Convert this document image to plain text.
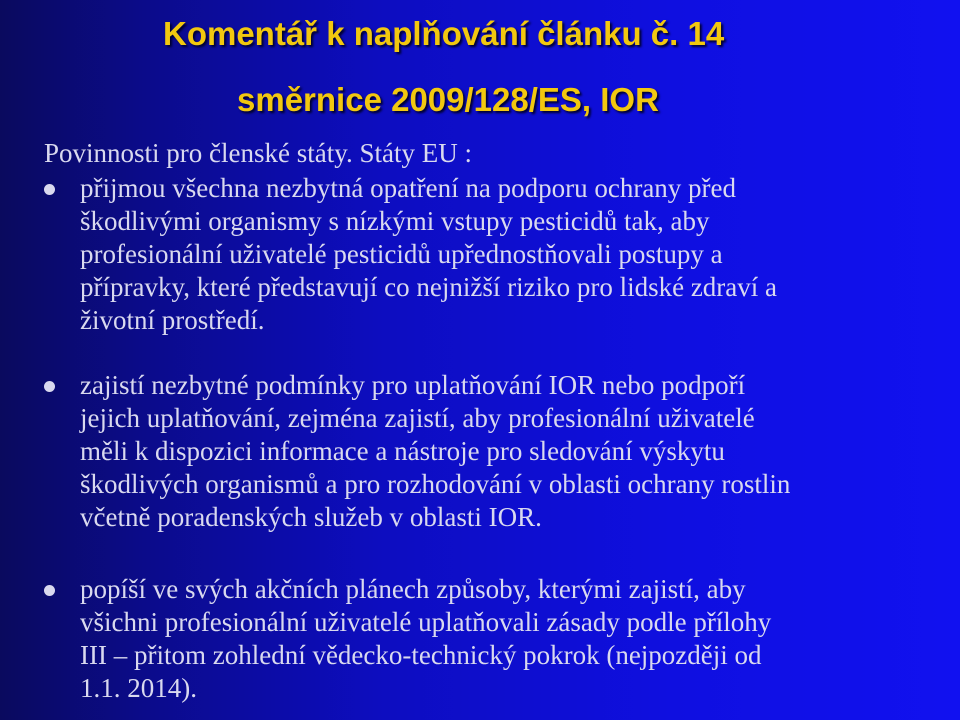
Komentář k naplňování článku č. 14
směrnice 2009/128/ES, IOR
Povinnosti pro členské státy. Státy EU :
přijmou všechna nezbytná opatření na podporu ochrany před
škodlivými organismy s nízkými vstupy pesticidů tak, aby
profesionální uživatelé pesticidů upřednostňovali postupy a
přípravky, které představují co nejnižší riziko pro lidské zdraví a
životní prostředí.
zajistí nezbytné podmínky pro uplatňování IOR nebo podpoří
jejich uplatňování, zejména zajistí, aby profesionální uživatelé
měli k dispozici informace a nástroje pro sledování výskytu
škodlivých organismů a pro rozhodování v oblasti ochrany rostlin
včetně poradenských služeb v oblasti IOR.
popíší ve svých akčních plánech způsoby, kterými zajistí, aby
všichni profesionální uživatelé uplatňovali zásady podle přílohy
III – přitom zohlední vědecko-technický pokrok (nejpozději od
1.1. 2014).
